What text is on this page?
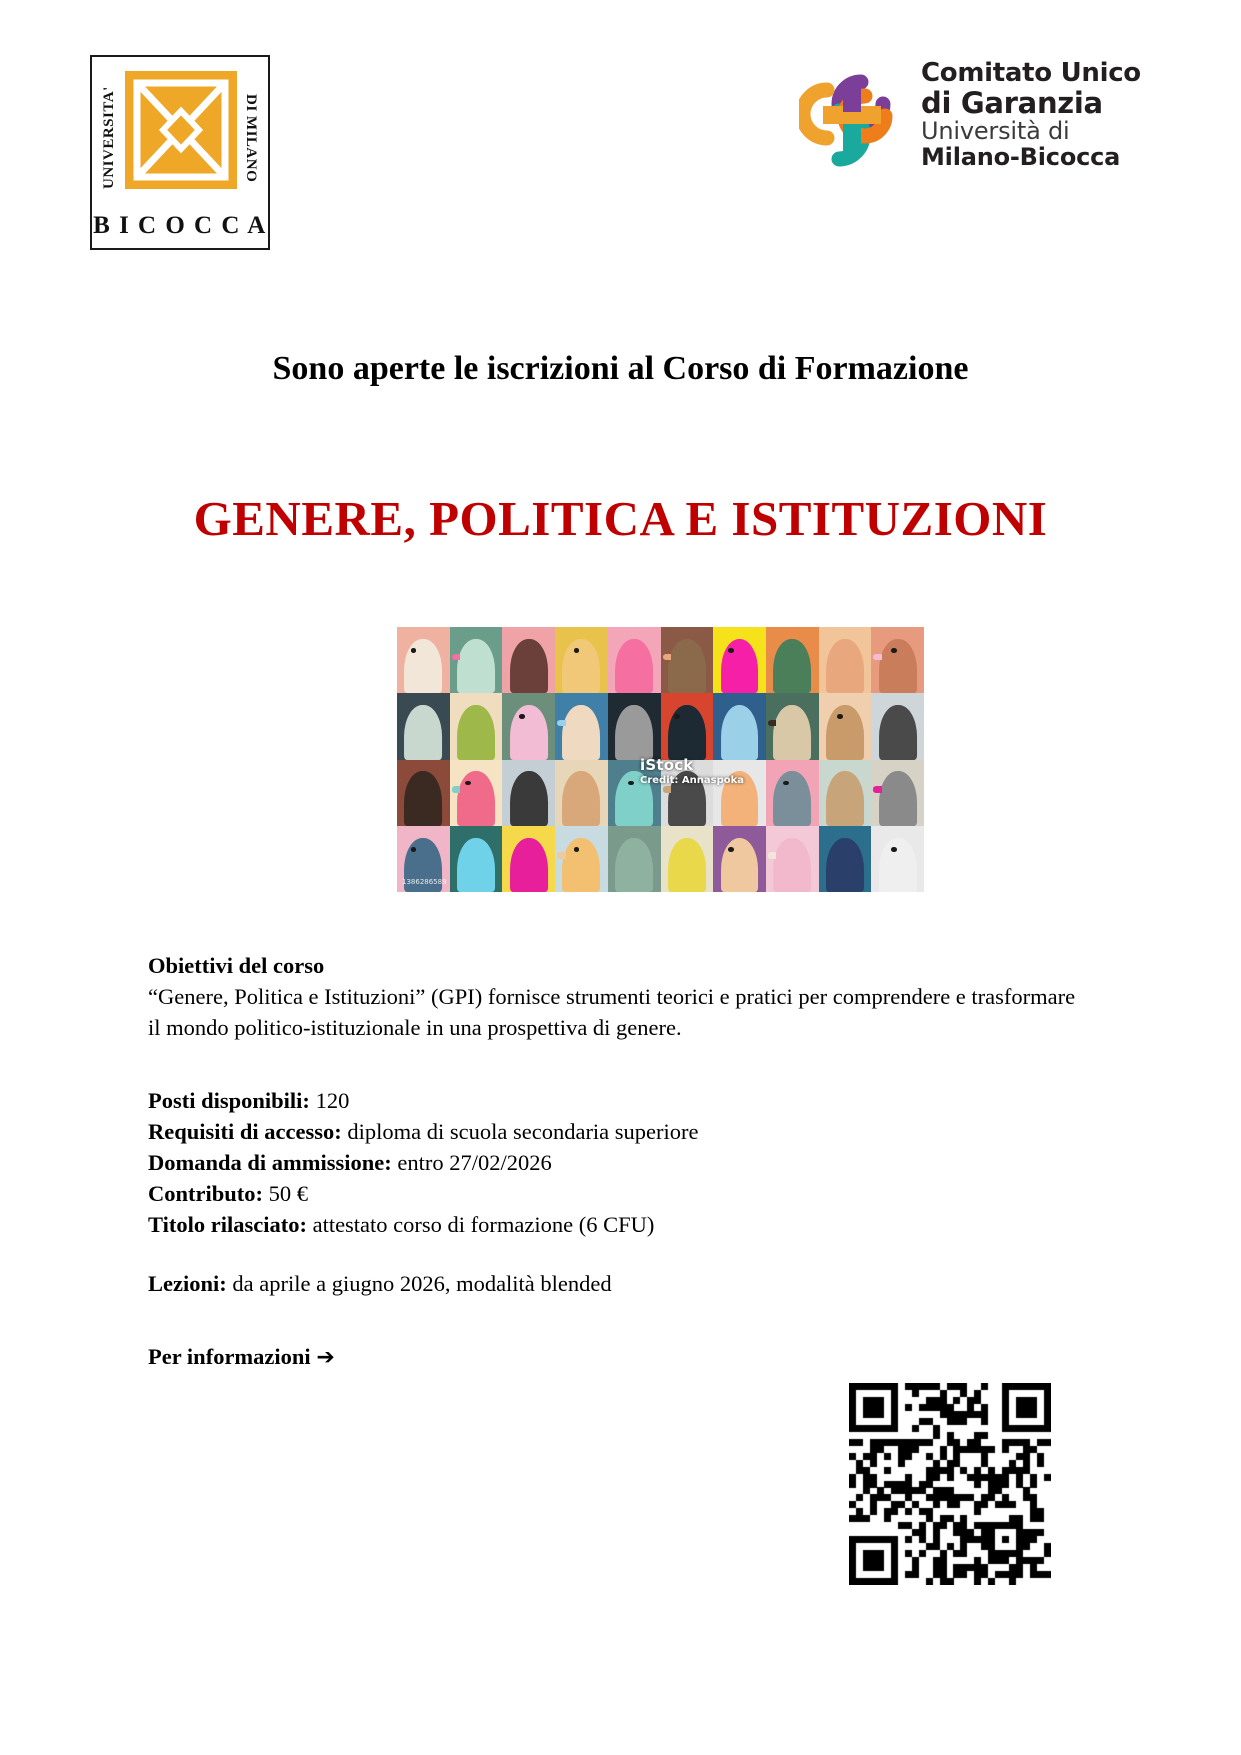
UNIVERSITA'	DI MILANO
B I C O C C A
Comitato Unico
di Garanzia
Università di
Milano-Bicocca
Sono aperte le iscrizioni al Corso di Formazione
GENERE, POLITICA E ISTITUZIONI
iStock
Credit: Annaspoka
1386286589
Obiettivi del corso

“Genere, Politica e Istituzioni” (GPI) fornisce strumenti teorici e pratici per comprendere e trasformare il mondo politico-istituzionale in una prospettiva di genere.

Posti disponibili: 120
Requisiti di accesso: diploma di scuola secondaria superiore
Domanda di ammissione: entro 27/02/2026
Contributo: 50 €
Titolo rilasciato: attestato corso di formazione (6 CFU)
Lezioni: da aprile a giugno 2026, modalità blended
Per informazioni ➔
